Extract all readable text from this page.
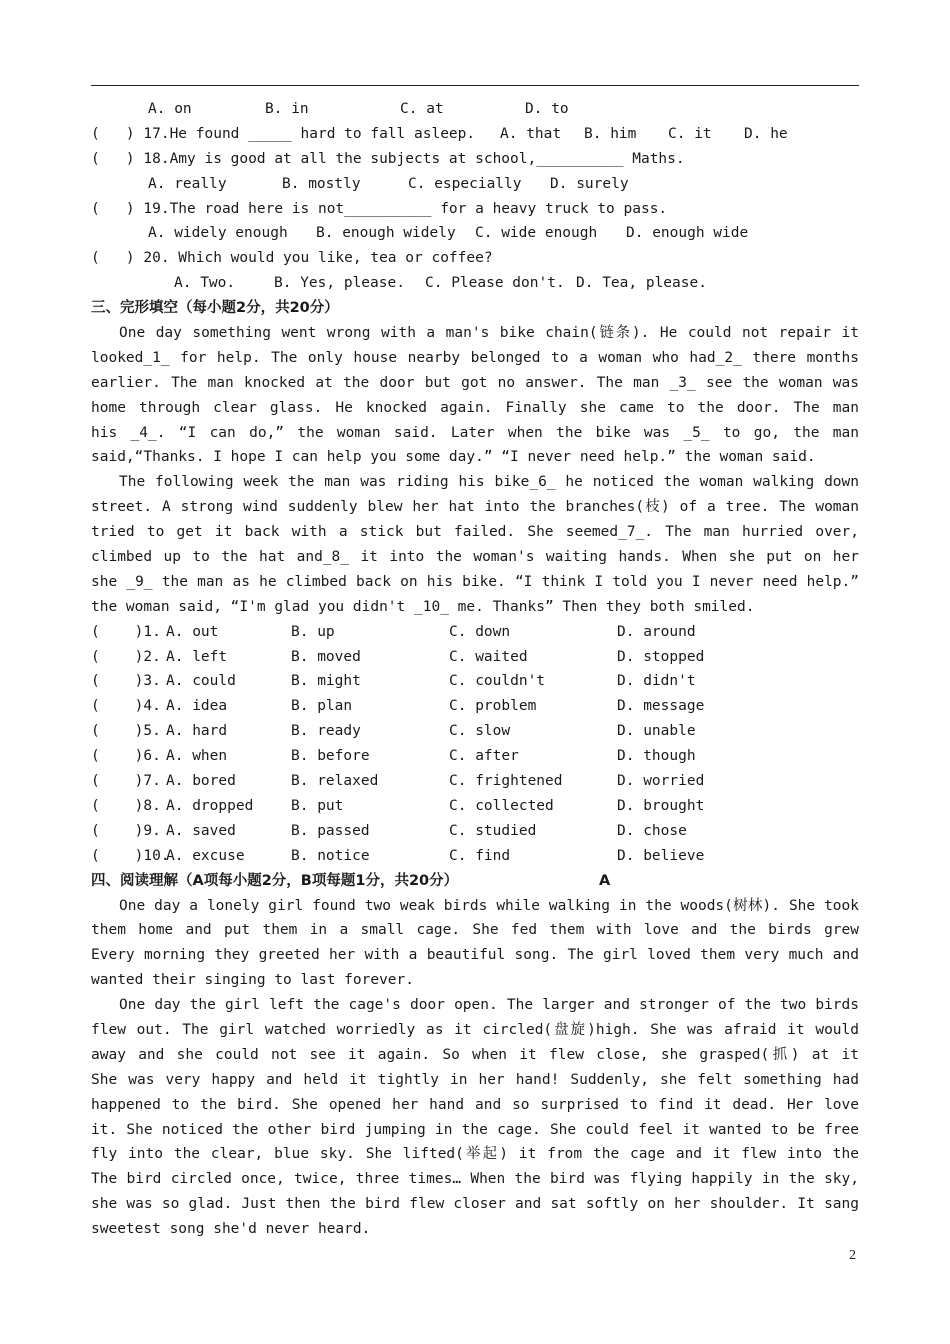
A. on	B. in	C. at	D. to
(   ) 17.He found _____ hard to fall asleep. A. that B. him C. it D. he
(   ) 18.Amy is good at all the subjects at school,__________ Maths.
A. really	B. mostly	C. especially D. surely
(   ) 19.The road here is not__________ for a heavy truck to pass.
A. widely enough B. enough widely C. wide enough D. enough wide
(   ) 20. Which would you like, tea or coffee?
A. Two.	B. Yes, please. C. Please don't. D. Tea, please.
三、完形填空（每小题2分，共20分）
One day something went wrong with a man's bike chain(链条). He could not repair it
looked_1_ for help. The only house nearby belonged to a woman who had_2_ there months
earlier. The man knocked at the door but got no answer. The man _3_ see the woman was
home through clear glass. He knocked again. Finally she came to the door. The man
his _4_. “I can do,” the woman said. Later when the bike was _5_ to go, the man
said,“Thanks. I hope I can help you some day.” “I never need help.” the woman said.
The following week the man was riding his bike_6_ he noticed the woman walking down
street. A strong wind suddenly blew her hat into the branches(枝) of a tree. The woman
tried to get it back with a stick but failed. She seemed_7_. The man hurried over,
climbed up to the hat and_8_ it into the woman's waiting hands. When she put on her
she _9_ the man as he climbed back on his bike. “I think I told you I never need help.”
the woman said, “I'm glad you didn't _10_ me. Thanks” Then they both smiled.
(    )1. A. out	B. up	C. down	D. around
(    )2. A. left	B. moved	C. waited	D. stopped
(    )3. A. could	B. might	C. couldn't	D. didn't
(    )4. A. idea	B. plan	C. problem	D. message
(    )5. A. hard	B. ready	C. slow	D. unable
(    )6. A. when	B. before	C. after	D. though
(    )7. A. bored	B. relaxed	C. frightened	D. worried
(    )8. A. dropped	B. put	C. collected	D. brought
(    )9. A. saved	B. passed	C. studied	D. chose
(    )10.A. excuse	B. notice	C. find	D. believe
四、阅读理解（A项每小题2分，B项每题1分，共20分）	A
One day a lonely girl found two weak birds while walking in the woods(树林). She took
them home and put them in a small cage. She fed them with love and the birds grew
Every morning they greeted her with a beautiful song. The girl loved them very much and
wanted their singing to last forever.
One day the girl left the cage's door open. The larger and stronger of the two birds
flew out. The girl watched worriedly as it circled(盘旋)high. She was afraid it would
away and she could not see it again. So when it flew close, she grasped(抓) at it
She was very happy and held it tightly in her hand! Suddenly, she felt something had
happened to the bird. She opened her hand and so surprised to find it dead. Her love
it. She noticed the other bird jumping in the cage. She could feel it wanted to be free
fly into the clear, blue sky. She lifted(举起) it from the cage and it flew into the
The bird circled once, twice, three times… When the bird was flying happily in the sky,
she was so glad. Just then the bird flew closer and sat softly on her shoulder. It sang
sweetest song she'd never heard.
2
